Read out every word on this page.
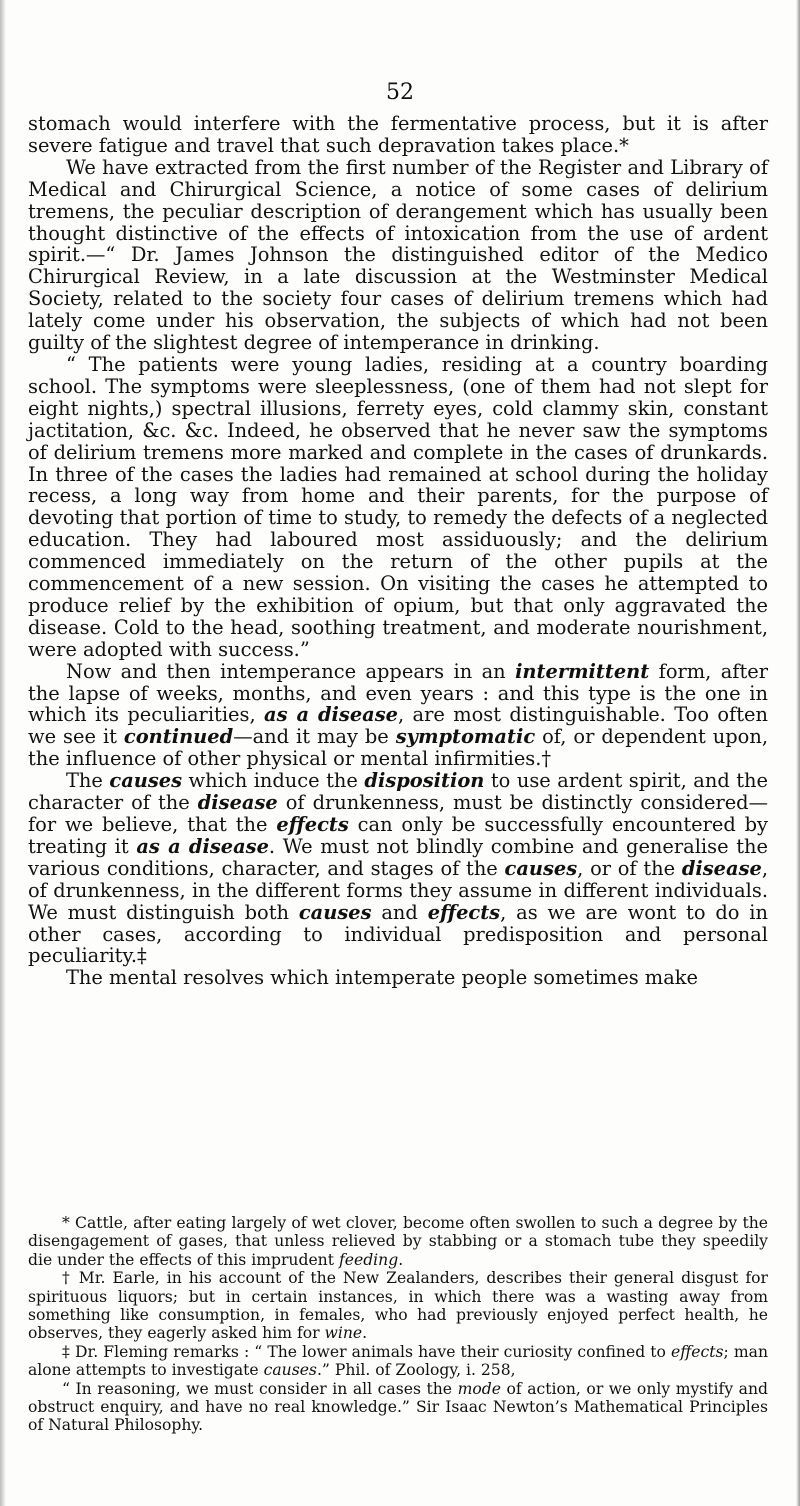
52

stomach would interfere with the fermentative process, but it is after severe fatigue and travel that such depravation takes place.*

We have extracted from the first number of the Register and Library of Medical and Chirurgical Science, a notice of some cases of delirium tremens, the peculiar description of derangement which has usually been thought distinctive of the effects of intoxication from the use of ardent spirit.—“ Dr. James Johnson the distinguished editor of the Medico Chirurgical Review, in a late discussion at the Westminster Medical Society, related to the society four cases of delirium tremens which had lately come under his observation, the subjects of which had not been guilty of the slightest degree of intemperance in drinking.

“ The patients were young ladies, residing at a country boarding school. The symptoms were sleeplessness, (one of them had not slept for eight nights,) spectral illusions, ferrety eyes, cold clammy skin, constant jactitation, &c. &c. Indeed, he observed that he never saw the symptoms of delirium tremens more marked and complete in the cases of drunkards. In three of the cases the ladies had remained at school during the holiday recess, a long way from home and their parents, for the purpose of devoting that portion of time to study, to remedy the defects of a neglected education. They had laboured most assiduously; and the delirium commenced immediately on the return of the other pupils at the commencement of a new session. On visiting the cases he attempted to produce relief by the exhibition of opium, but that only aggravated the disease. Cold to the head, soothing treatment, and moderate nourishment, were adopted with success.”

Now and then intemperance appears in an intermittent form, after the lapse of weeks, months, and even years : and this type is the one in which its peculiarities, as a disease, are most distinguishable. Too often we see it continued—and it may be symptomatic of, or dependent upon, the influence of other physical or mental infirmities.†

The causes which induce the disposition to use ardent spirit, and the character of the disease of drunkenness, must be distinctly considered—for we believe, that the effects can only be successfully encountered by treating it as a disease. We must not blindly combine and generalise the various conditions, character, and stages of the causes, or of the disease, of drunkenness, in the different forms they assume in different individuals. We must distinguish both causes and effects, as we are wont to do in other cases, according to individual predisposition and personal peculiarity.‡

The mental resolves which intemperate people sometimes make

* Cattle, after eating largely of wet clover, become often swollen to such a degree by the disengagement of gases, that unless relieved by stabbing or a stomach tube they speedily die under the effects of this imprudent feeding.

† Mr. Earle, in his account of the New Zealanders, describes their general disgust for spirituous liquors; but in certain instances, in which there was a wasting away from something like consumption, in females, who had previously enjoyed perfect health, he observes, they eagerly asked him for wine.

‡ Dr. Fleming remarks : “ The lower animals have their curiosity confined to effects; man alone attempts to investigate causes.” Phil. of Zoology, i. 258,

“ In reasoning, we must consider in all cases the mode of action, or we only mystify and obstruct enquiry, and have no real knowledge.” Sir Isaac Newton’s Mathematical Principles of Natural Philosophy.
